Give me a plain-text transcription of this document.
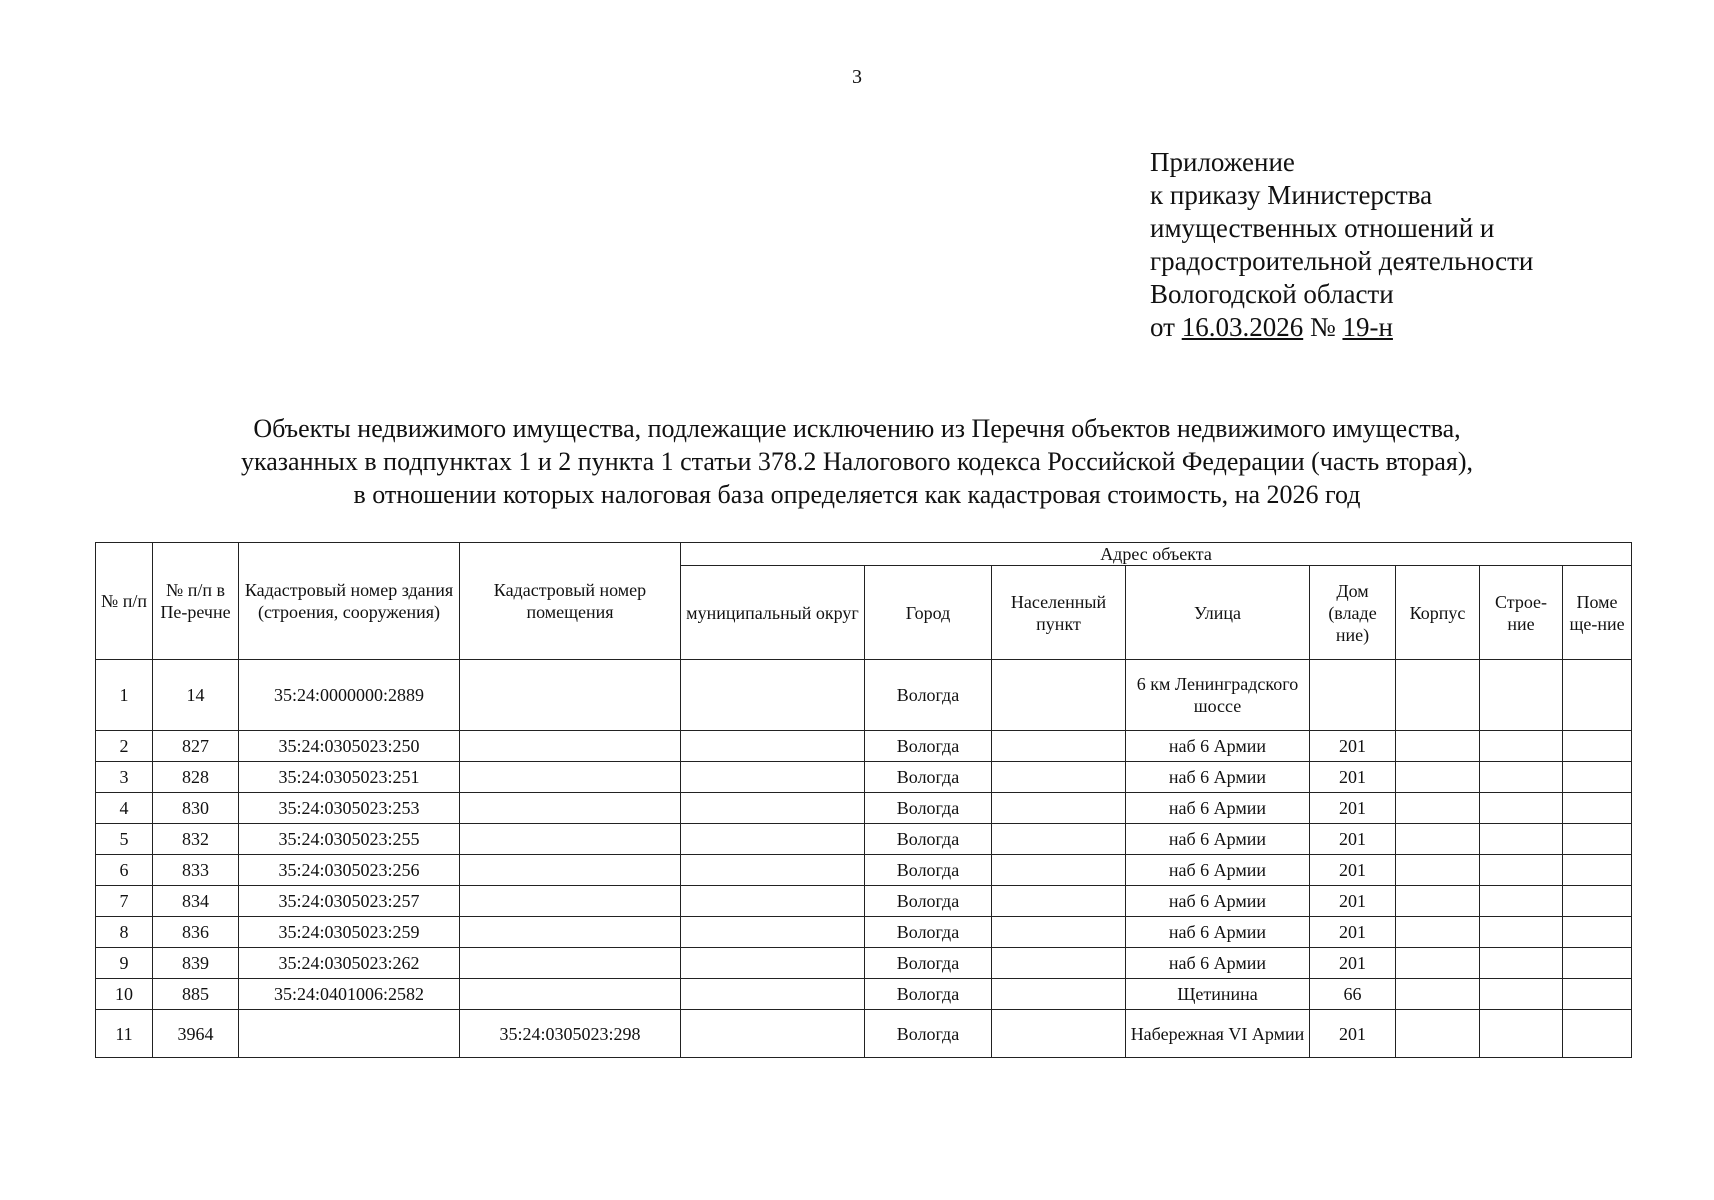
3
Приложение
к приказу Министерства
имущественных отношений и
градостроительной деятельности
Вологодской области
от 16.03.2026 № 19-н
Объекты недвижимого имущества, подлежащие исключению из Перечня объектов недвижимого имущества,
указанных в подпунктах 1 и 2 пункта 1 статьи 378.2 Налогового кодекса Российской Федерации (часть вторая),
в отношении которых налоговая база определяется как кадастровая стоимость, на 2026 год
№ п/п	№ п/п в Пе-речне	Кадастровый номер здания (строения, сооружения)	Кадастровый номер помещения	Адрес объекта							
				муниципальный округ	Город	Населенный пункт	Улица	Дом (владе ние)	Корпус	Строе-ние	Поме ще-ние
1	14	35:24:0000000:2889			Вологда		6 км Ленинградского шоссе				
2	827	35:24:0305023:250			Вологда		наб 6 Армии	201			
3	828	35:24:0305023:251			Вологда		наб 6 Армии	201			
4	830	35:24:0305023:253			Вологда		наб 6 Армии	201			
5	832	35:24:0305023:255			Вологда		наб 6 Армии	201			
6	833	35:24:0305023:256			Вологда		наб 6 Армии	201			
7	834	35:24:0305023:257			Вологда		наб 6 Армии	201			
8	836	35:24:0305023:259			Вологда		наб 6 Армии	201			
9	839	35:24:0305023:262			Вологда		наб 6 Армии	201			
10	885	35:24:0401006:2582			Вологда		Щетинина	66			
11	3964		35:24:0305023:298		Вологда		Набережная VI Армии	201			
